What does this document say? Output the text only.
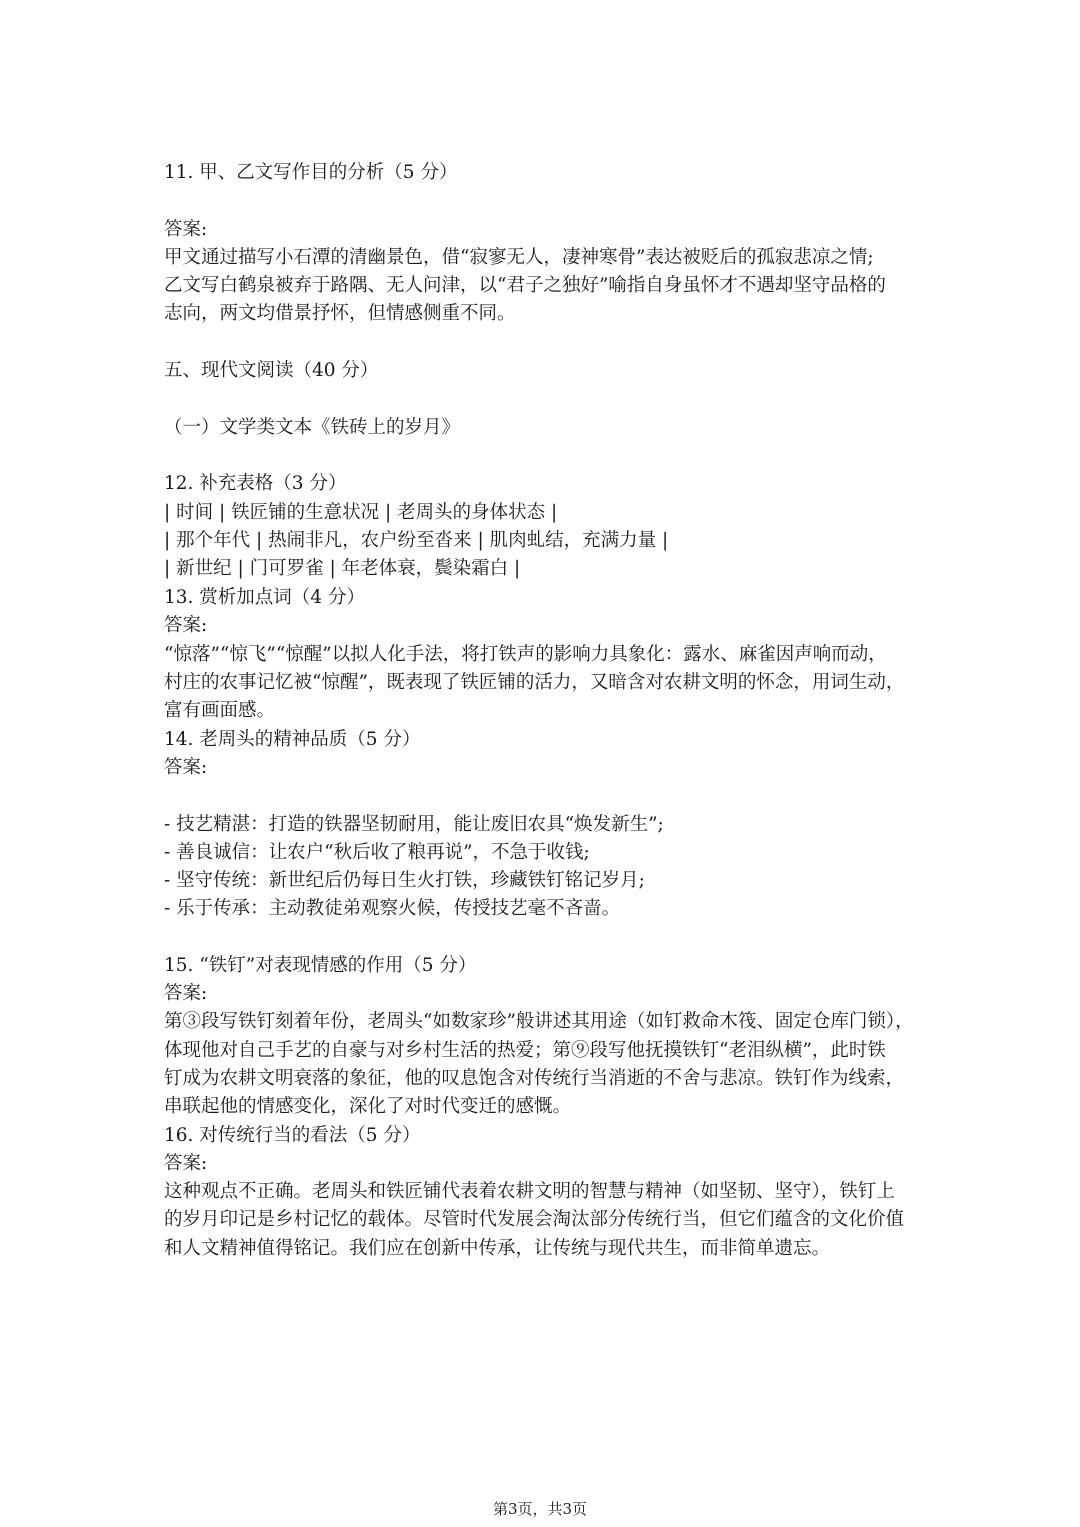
11. 甲、乙文写作目的分析（5 分）
答案:
甲文通过描写小石潭的清幽景色，借“寂寥无人，凄神寒骨”表达被贬后的孤寂悲凉之情;
乙文写白鹤泉被弃于路隅、无人问津，以“君子之独好”喻指自身虽怀才不遇却坚守品格的
志向，两文均借景抒怀，但情感侧重不同。
五、现代文阅读（40 分）
（一）文学类文本《铁砖上的岁月》
12. 补充表格（3 分）
| 时间 | 铁匠铺的生意状况 | 老周头的身体状态 |
| 那个年代 | 热闹非凡，农户纷至沓来 | 肌肉虬结，充满力量 |
| 新世纪 | 门可罗雀 | 年老体衰，鬓染霜白 |
13. 赏析加点词（4 分）
答案:
“惊落”“惊飞”“惊醒”以拟人化手法，将打铁声的影响力具象化：露水、麻雀因声响而动，
村庄的农事记忆被“惊醒”，既表现了铁匠铺的活力，又暗含对农耕文明的怀念，用词生动，
富有画面感。
14. 老周头的精神品质（5 分）
答案:
- 技艺精湛：打造的铁器坚韧耐用，能让废旧农具“焕发新生”;
- 善良诚信：让农户“秋后收了粮再说”，不急于收钱;
- 坚守传统：新世纪后仍每日生火打铁，珍藏铁钉铭记岁月;
- 乐于传承：主动教徒弟观察火候，传授技艺毫不吝啬。
15. “铁钉”对表现情感的作用（5 分）
答案:
第③段写铁钉刻着年份，老周头“如数家珍”般讲述其用途（如钉救命木筏、固定仓库门锁），
体现他对自己手艺的自豪与对乡村生活的热爱；第⑨段写他抚摸铁钉“老泪纵横”，此时铁
钉成为农耕文明衰落的象征，他的叹息饱含对传统行当消逝的不舍与悲凉。铁钉作为线索，
串联起他的情感变化，深化了对时代变迁的感慨。
16. 对传统行当的看法（5 分）
答案:
这种观点不正确。老周头和铁匠铺代表着农耕文明的智慧与精神（如坚韧、坚守），铁钉上
的岁月印记是乡村记忆的载体。尽管时代发展会淘汰部分传统行当，但它们蕴含的文化价值
和人文精神值得铭记。我们应在创新中传承，让传统与现代共生，而非简单遗忘。
第3页，共3页
